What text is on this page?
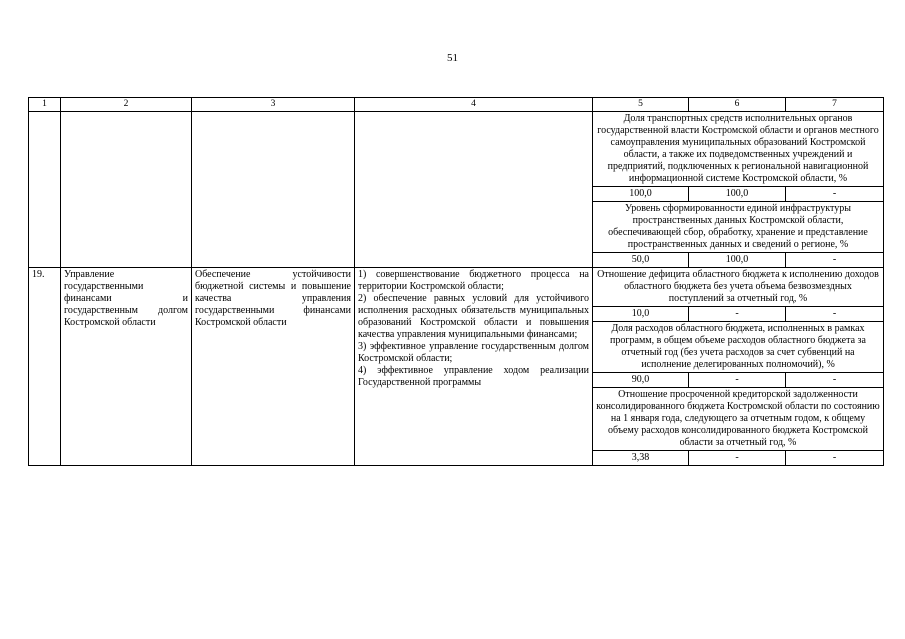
51
1	2	3	4	5	6	7
				Доля транспортных средств исполнительных органов государственной власти Костромской области и органов местного самоуправления муниципальных образований Костромской области, а также их подведомственных учреждений и предприятий, подключенных к региональной навигационной информационной системе Костромской области, %		
				100,0	100,0	-
				Уровень сформированности единой инфраструктуры пространственных данных Костромской области, обеспечивающей сбор, обработку, хранение и представление пространственных данных и сведений о регионе, %		
				50,0	100,0	-
19.	Управление государственными финансами и государственным долгом Костромской области	Обеспечение устойчивости бюджетной системы и повышение качества управления государственными финансами Костромской области	1) совершенствование бюджетного процесса на территории Костромской области;
2) обеспечение равных условий для устойчивого исполнения расходных обязательств муниципальных образований Костромской области и повышения качества управления муниципальными финансами;
3) эффективное управление государственным долгом Костромской области;
4) эффективное управление ходом реализации Государственной программы	Отношение дефицита областного бюджета к исполнению доходов областного бюджета без учета объема безвозмездных поступлений за отчетный год, %		
				10,0	-	-
				Доля расходов областного бюджета, исполненных в рамках программ, в общем объеме расходов областного бюджета за отчетный год (без учета расходов за счет субвенций на исполнение делегированных полномочий), %		
				90,0	-	-
				Отношение просроченной кредиторской задолженности консолидированного бюджета Костромской области по состоянию на 1 января года, следующего за отчетным годом, к общему объему расходов консолидированного бюджета Костромской области за отчетный год, %		
				3,38	-	-
